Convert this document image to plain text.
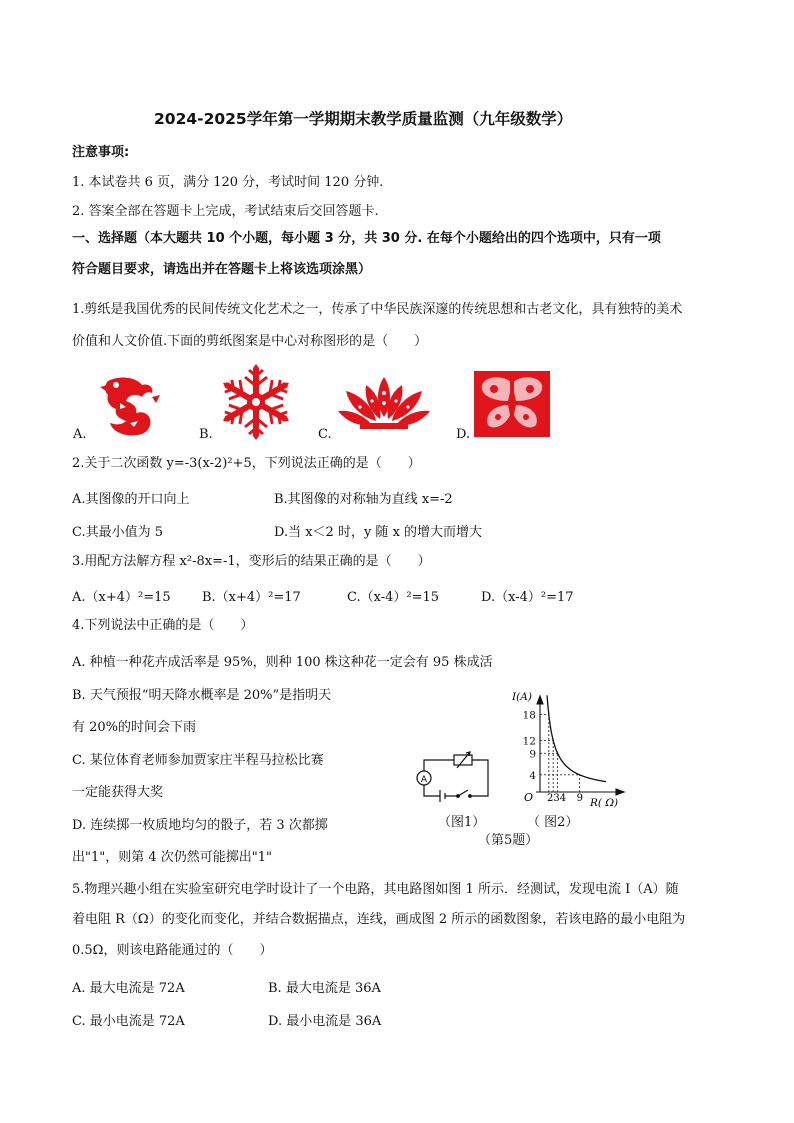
2024-2025学年第一学期期末教学质量监测（九年级数学）
注意事项:
1. 本试卷共 6 页，满分 120 分，考试时间 120 分钟.
2. 答案全部在答题卡上完成，考试结束后交回答题卡.
一、选择题（本大题共 10 个小题，每小题 3 分，共 30 分. 在每个小题给出的四个选项中，只有一项
符合题目要求，请选出并在答题卡上将该选项涂黑）
1.剪纸是我国优秀的民间传统文化艺术之一，传承了中华民族深邃的传统思想和古老文化，具有独特的美术
价值和人文价值.下面的剪纸图案是中心对称图形的是（　　）
A.	B.	C.	D.
2.关于二次函数 y=-3(x-2)²+5，下列说法正确的是（　　）
A.其图像的开口向上	B.其图像的对称轴为直线 x=-2
C.其最小值为 5	D.当 x＜2 时，y 随 x 的增大而增大
3.用配方法解方程 x²-8x=-1，变形后的结果正确的是（　　）
A.（x+4）²=15 B.（x+4）²=17	C.（x-4）²=15	D.（x-4）²=17
4.下列说法中正确的是（　　）
A. 种植一种花卉成活率是 95%，则种 100 株这种花一定会有 95 株成活
B. 天气预报“明天降水概率是 20%”是指明天
有 20%的时间会下雨
C. 某位体育老师参加贾家庄半程马拉松比赛
一定能获得大奖
D. 连续掷一枚质地均匀的骰子，若 3 次都掷
出"1"，则第 4 次仍然可能掷出"1"
A
18
12
9
4
O 234 9
I(A)
R( Ω)
（图1）	（ 图2）
（第5题）
5.物理兴趣小组在实验室研究电学时设计了一个电路，其电路图如图 1 所示．经测试，发现电流 I（A）随
着电阻 R（Ω）的变化而变化，并结合数据描点，连线，画成图 2 所示的函数图象，若该电路的最小电阻为
0.5Ω，则该电路能通过的（　　）
A. 最大电流是 72A	B. 最大电流是 36A
C. 最小电流是 72A	D. 最小电流是 36A
